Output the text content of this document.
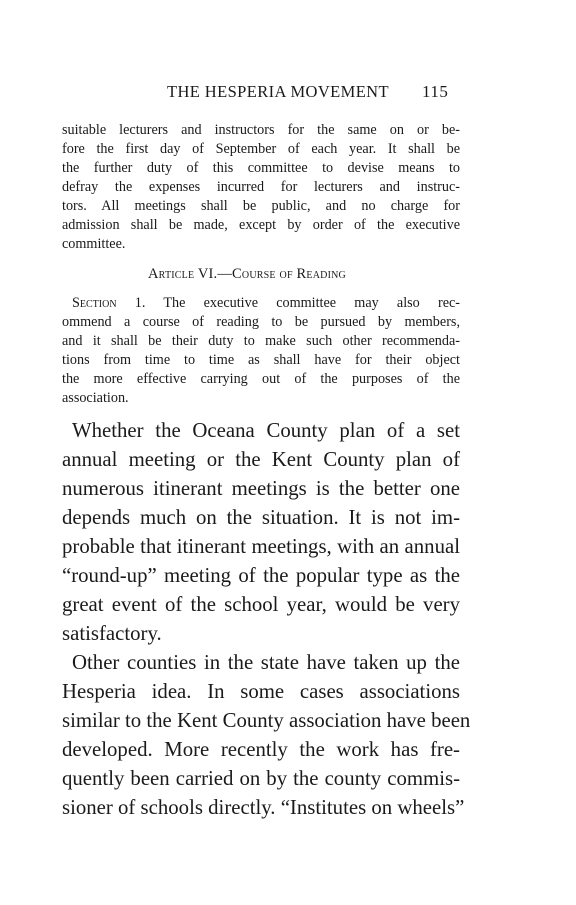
THE HESPERIA MOVEMENT 115
suitable lecturers and instructors for the same on or be-
fore the first day of September of each year. It shall be
the further duty of this committee to devise means to
defray the expenses incurred for lecturers and instruc-
tors. All meetings shall be public, and no charge for
admission shall be made, except by order of the executive
committee.
Article VI.—Course of Reading
Section 1. The executive committee may also rec-
ommend a course of reading to be pursued by members,
and it shall be their duty to make such other recommenda-
tions from time to time as shall have for their object
the more effective carrying out of the purposes of the
association.
Whether the Oceana County plan of a set
annual meeting or the Kent County plan of
numerous itinerant meetings is the better one
depends much on the situation. It is not im-
probable that itinerant meetings, with an annual
“round-up” meeting of the popular type as the
great event of the school year, would be very
satisfactory.
Other counties in the state have taken up the
Hesperia idea. In some cases associations
similar to the Kent County association have been
developed. More recently the work has fre-
quently been carried on by the county commis-
sioner of schools directly. “Institutes on wheels”
